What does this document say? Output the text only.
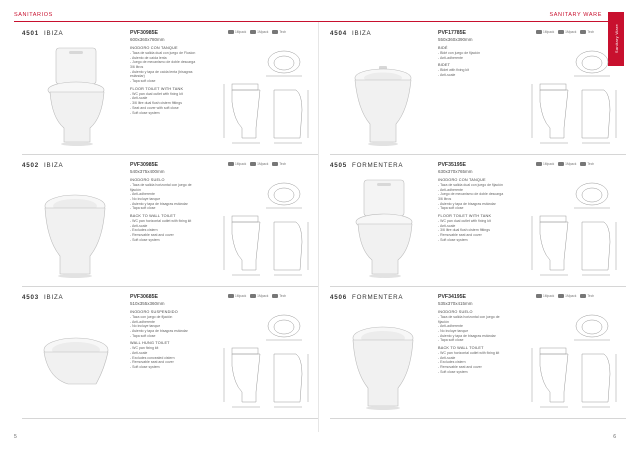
SANITARIOS	SANITARY WARE
Sanitary Ware
5	6
4501 IBIZA	PVF30985E
600x360x780mm
INODORO CON TANQUE
- Taza de salida dual con juego de Flusion
- Asiento de caída lenta
- Juego de mecanismo de doble descarga
3/6 litros
- Asiento y tapa de caída lenta (bisagras
estándar)
- Tapa soft close
FLOOR TOILET WITH TANK
- WC pan dual outlet with fixing kit
- Anti-scale
- 3/6 litre dual flush cistern fittings
- Seat and cover with soft close
- Soft close system
1Mpack	1Mpack	Tech
4502 IBIZA	PVF30985E
540x375x400mm
INODORO SUELO
- Taza de salida horizontal con juego de
fijación
- Anti-adherente
- No incluye tanque
- Asiento y tapa de bisagras estándar
- Tapa soft close
BACK TO WALL TOILET
- WC pan horizontal outlet with fixing kit
- Anti-scale
- Excludes cistern
- Removable seat and cover
- Soft close system
1Mpack	1Mpack	Tech
4503 IBIZA	PVF30685E
510x355x360mm
INODORO SUSPENDIDO
- Taza con juego de fijación
- Anti-adherente
- No incluye tanque
- Asiento y tapa de bisagras estándar
- Tapa soft close
WALL HUNG TOILET
- WC pan fixing kit
- Anti-scale
- Excludes concealed cistern
- Removable seat and cover
- Soft close system
1Mpack	1Mpack	Tech
4504 IBIZA	PVF17785E
550x360x390mm
BIDÉ
- Bidé con juego de fijación
- Anti-adherente
BIDET
- Bidet with fixing kit
- Anti-scale
1Mpack	1Mpack	Tech
4505 FORMENTERA	PVF35195E
630x370x765mm
INODORO CON TANQUE
- Taza de salida dual con juego de fijación
- Anti-adherente
- Juego de mecanismo de doble descarga
3/6 litros
- Asiento y tapa de bisagras estándar
- Tapa soft close
FLOOR TOILET WITH TANK
- WC pan dual outlet with fixing kit
- Anti-scale
- 3/6 litre dual flush cistern fittings
- Removable seat and cover
- Soft close system
1Mpack	1Mpack	Tech
4506 FORMENTERA	PVF34195E
535x370x415mm
INODORO SUELO
- Taza de salida horizontal con juego de
fijación
- Anti-adherente
- No incluye tanque
- Asiento y tapa de bisagras estándar
- Tapa soft close
BACK TO WALL TOILET
- WC pan horizontal outlet with fixing kit
- Anti-scale
- Excludes cistern
- Removable seat and cover
- Soft close system
1Mpack	1Mpack	Tech
